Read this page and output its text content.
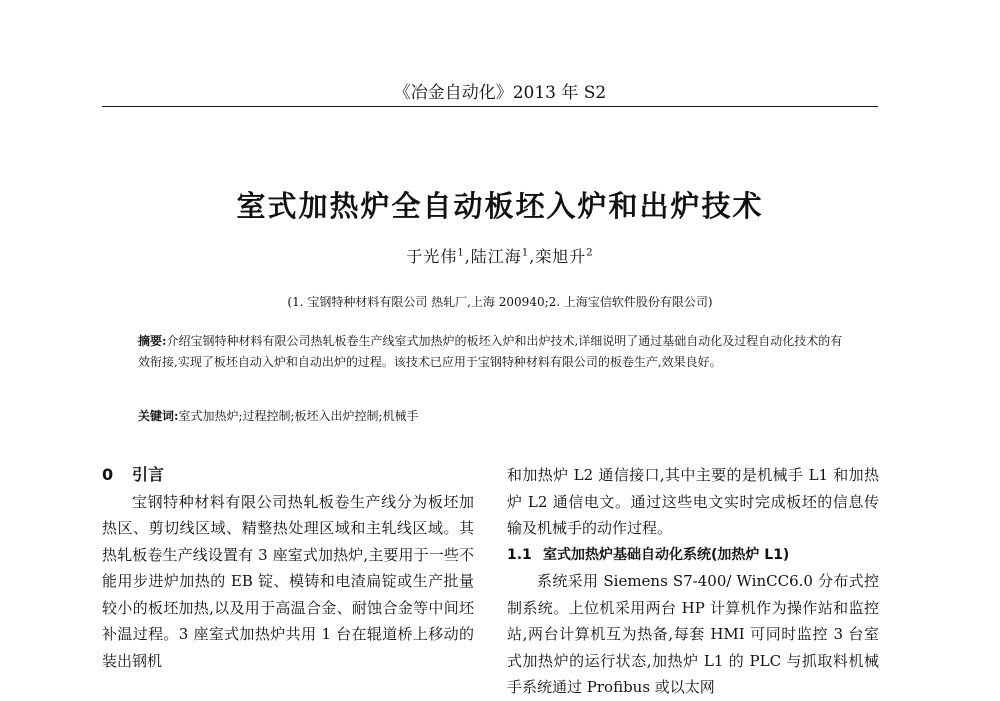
《冶金自动化》2013 年 S2
室式加热炉全自动板坯入炉和出炉技术
于光伟$^1$,陆江海$^1$,栾旭升$^2$
(1. 宝钢特种材料有限公司 热轧厂,上海 200940;2. 上海宝信软件股份有限公司)
摘要:介绍宝钢特种材料有限公司热轧板卷生产线室式加热炉的板坯入炉和出炉技术,详细说明了通过基础自动化及过程自动化技术的有效衔接,实现了板坯自动入炉和自动出炉的过程。该技术已应用于宝钢特种材料有限公司的板卷生产,效果良好。
关键词:室式加热炉;过程控制;板坯入出炉控制;机械手
0 引言

宝钢特种材料有限公司热轧板卷生产线分为板坯加热区、剪切线区域、精整热处理区域和主轧线区域。其热轧板卷生产线设置有 3 座室式加热炉,主要用于一些不能用步进炉加热的 EB 锭、模铸和电渣扁锭或生产批量较小的板坯加热,以及用于高温合金、耐蚀合金等中间坯补温过程。3 座室式加热炉共用 1 台在辊道桥上移动的装出钢机

和加热炉 L2 通信接口,其中主要的是机械手 L1 和加热炉 L2 通信电文。通过这些电文实时完成板坯的信息传输及机械手的动作过程。

1.1 室式加热炉基础自动化系统(加热炉 L1)

系统采用 Siemens S7-400/ WinCC6.0 分布式控制系统。上位机采用两台 HP 计算机作为操作站和监控站,两台计算机互为热备,每套 HMI 可同时监控 3 台室式加热炉的运行状态,加热炉 L1 的 PLC 与抓取料机械手系统通过 Profibus 或以太网
